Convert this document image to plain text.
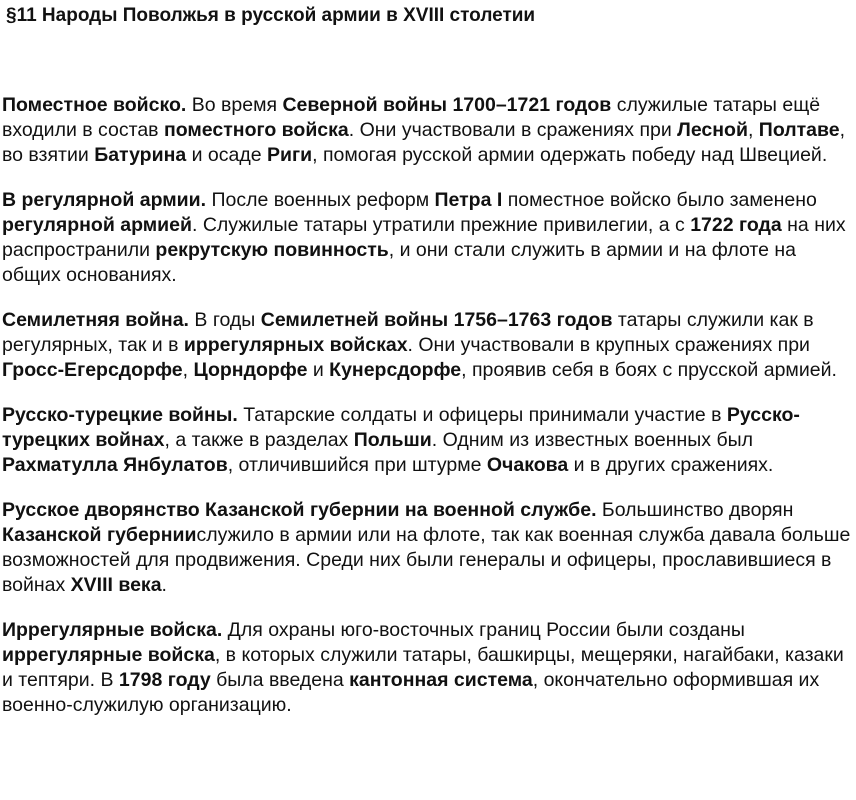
§11 Народы Поволжья в русской армии в XVIII столетии

Поместное войско. Во время Северной войны 1700–1721 годов служилые татары ещё входили в состав поместного войска. Они участвовали в сражениях при Лесной, Полтаве, во взятии Батурина и осаде Риги, помогая русской армии одержать победу над Швецией.

В регулярной армии. После военных реформ Петра I поместное войско было заменено регулярной армией. Служилые татары утратили прежние привилегии, а с 1722 года на них распространили рекрутскую повинность, и они стали служить в армии и на флоте на общих основаниях.

Семилетняя война. В годы Семилетней войны 1756–1763 годов татары служили как в регулярных, так и в иррегулярных войсках. Они участвовали в крупных сражениях при Гросс-Егерсдорфе, Цорндорфе и Кунерсдорфе, проявив себя в боях с прусской армией.

Русско-турецкие войны. Татарские солдаты и офицеры принимали участие в Русско-турецких войнах, а также в разделах Польши. Одним из известных военных был Рахматулла Янбулатов, отличившийся при штурме Очакова и в других сражениях.

Русское дворянство Казанской губернии на военной службе. Большинство дворян Казанской губерниислужило в армии или на флоте, так как военная служба давала больше возможностей для продвижения. Среди них были генералы и офицеры, прославившиеся в войнах XVIII века.

Иррегулярные войска. Для охраны юго-восточных границ России были созданы иррегулярные войска, в которых служили татары, башкирцы, мещеряки, нагайбаки, казаки и тептяри. В 1798 году была введена кантонная система, окончательно оформившая их военно-служилую организацию.
